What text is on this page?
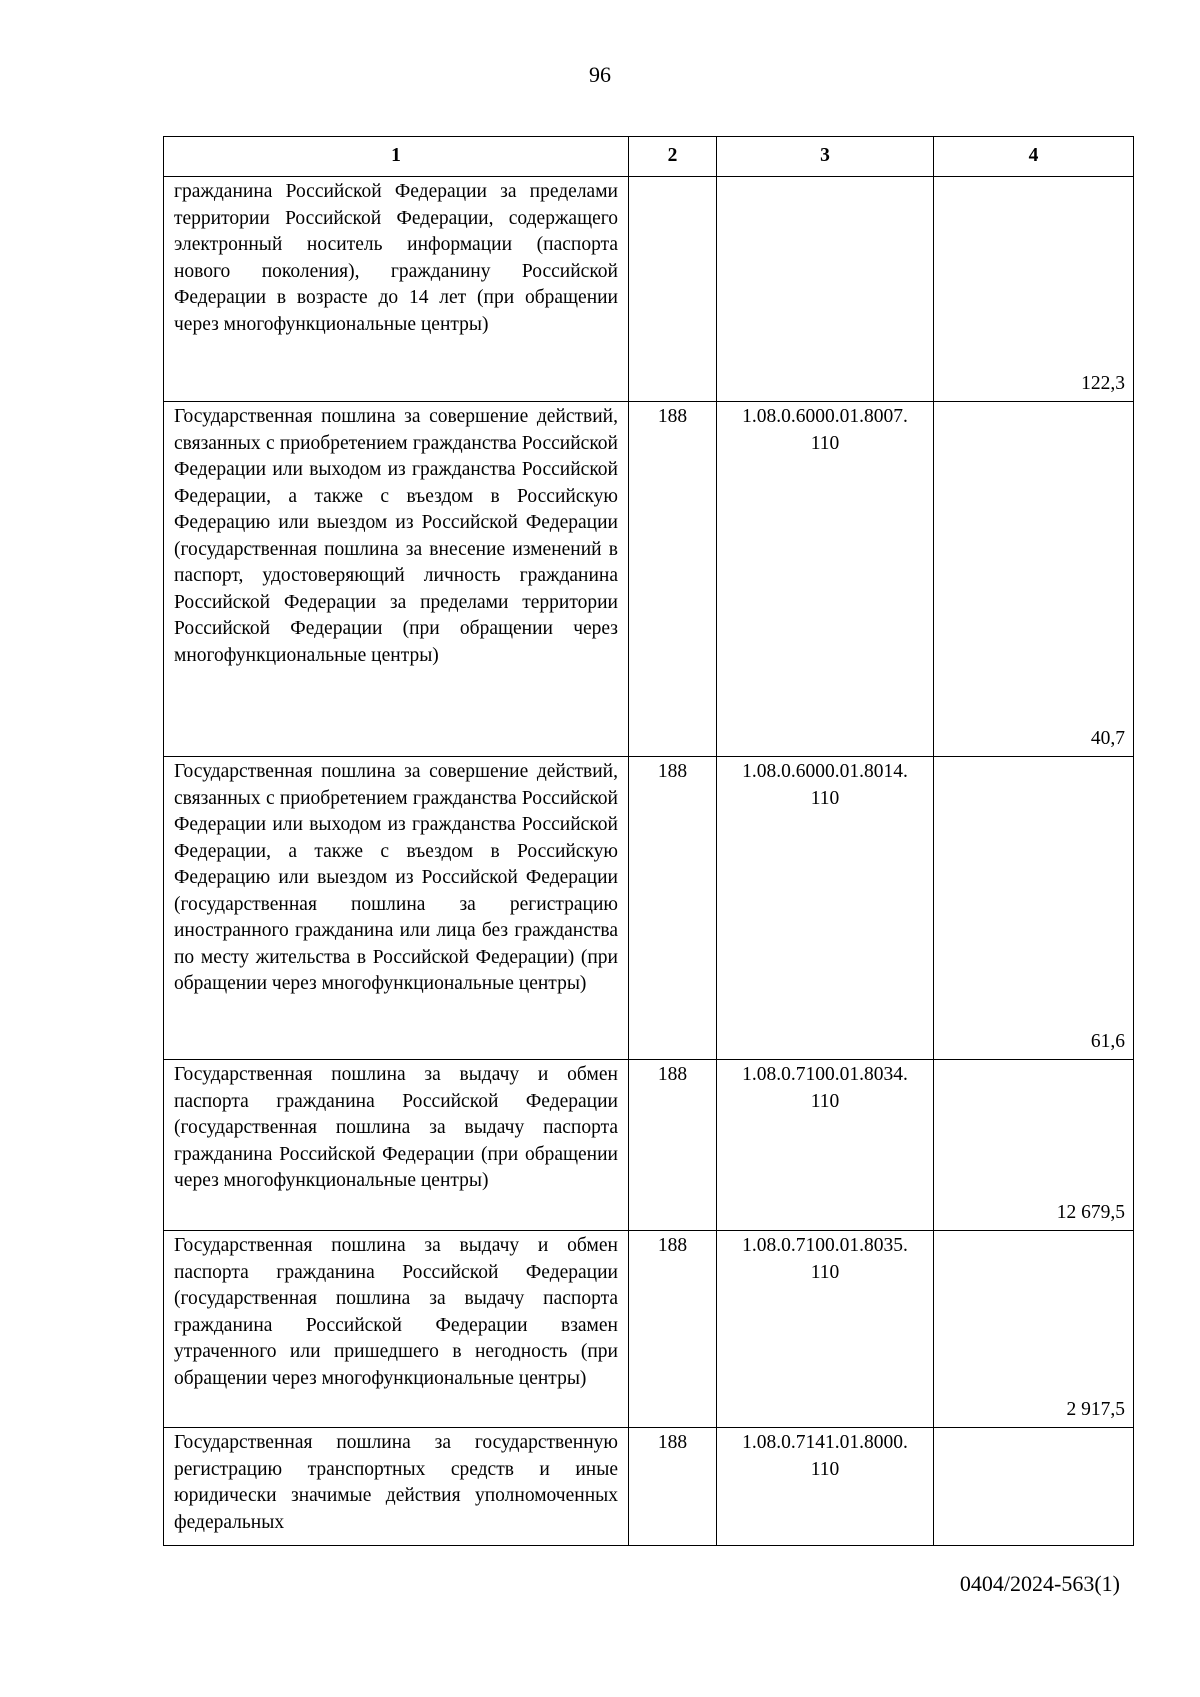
96
1	2	3	4

гражданина Российской Федерации за пределами территории Российской Федерации, содержащего электронный носитель информации (паспорта нового поколения), гражданину Российской Федерации в возрасте до 14 лет (при обращении через многофункциональные центры)			122,3

Государственная пошлина за совершение действий, связанных с приобретением гражданства Российской Федерации или выходом из гражданства Российской Федерации, а также с въездом в Российскую Федерацию или выездом из Российской Федерации (государственная пошлина за внесение изменений в паспорт, удостоверяющий личность гражданина Российской Федерации за пределами территории Российской Федерации (при обращении через многофункциональные центры)	188	1.08.0.6000.01.8007.
110	40,7

Государственная пошлина за совершение действий, связанных с приобретением гражданства Российской Федерации или выходом из гражданства Российской Федерации, а также с въездом в Российскую Федерацию или выездом из Российской Федерации (государственная пошлина за регистрацию иностранного гражданина или лица без гражданства по месту жительства в Российской Федерации) (при обращении через многофункциональные центры)	188	1.08.0.6000.01.8014.
110	61,6

Государственная пошлина за выдачу и обмен паспорта гражданина Российской Федерации (государственная пошлина за выдачу паспорта гражданина Российской Федерации (при обращении через многофункциональные центры)	188	1.08.0.7100.01.8034.
110	12 679,5

Государственная пошлина за выдачу и обмен паспорта гражданина Российской Федерации (государственная пошлина за выдачу паспорта гражданина Российской Федерации взамен утраченного или пришедшего в негодность (при обращении через многофункциональные центры)	188	1.08.0.7100.01.8035.
110	2 917,5

Государственная пошлина за государственную регистрацию транспортных средств и иные юридически значимые действия уполномоченных федеральных	188	1.08.0.7141.01.8000.
110	

0404/2024-563(1)
